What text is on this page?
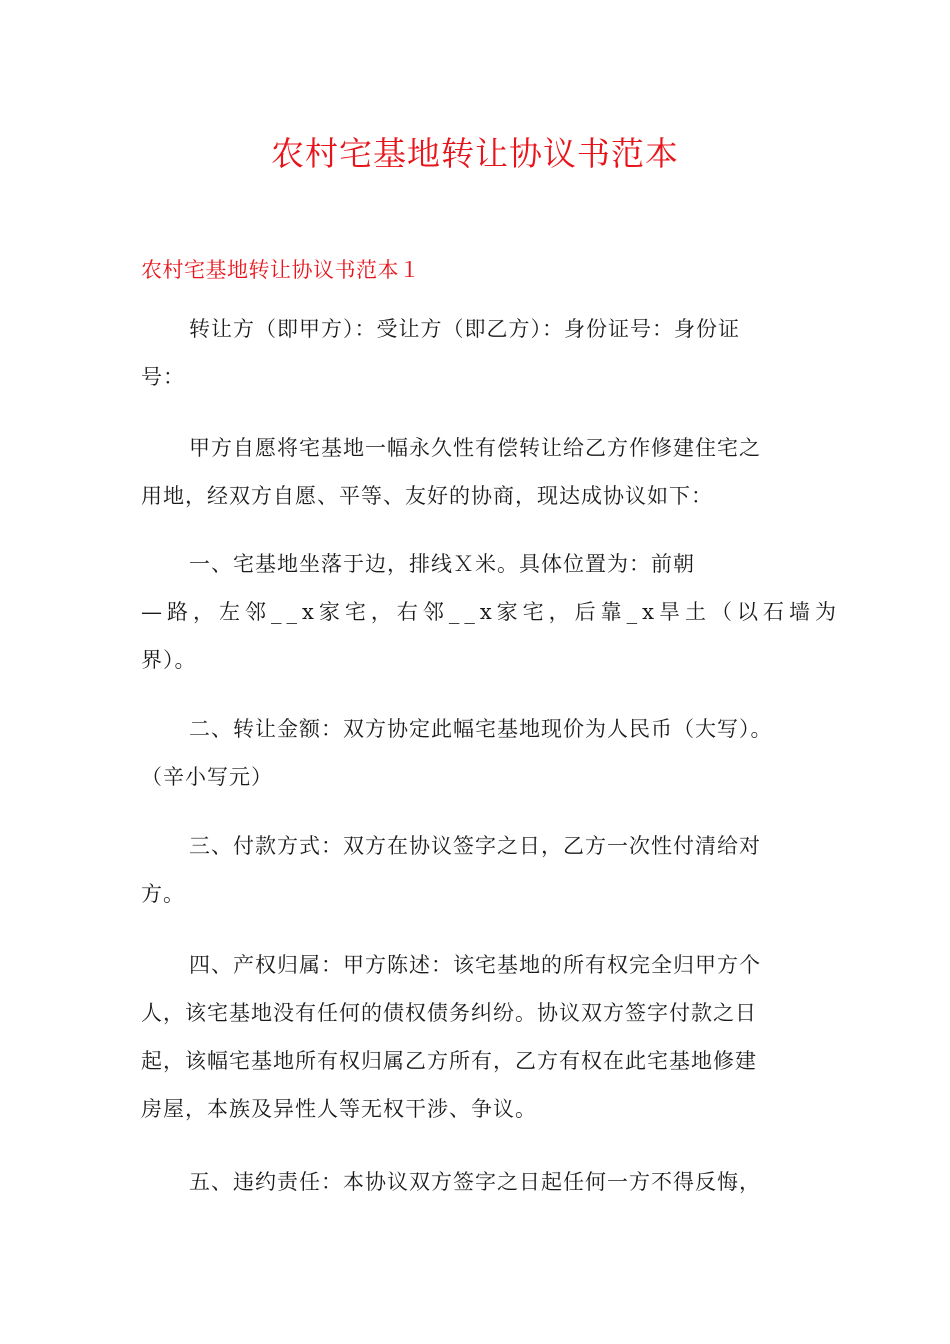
农村宅基地转让协议书范本
农村宅基地转让协议书范本１

转让方（即甲方）：受让方（即乙方）：身份证号：身份证
号：

甲方自愿将宅基地一幅永久性有偿转让给乙方作修建住宅之
用地，经双方自愿、平等、友好的协商，现达成协议如下：

一、宅基地坐落于边，排线Ｘ米。具体位置为：前朝
—路，左邻__x家宅，右邻__x家宅，后靠_x旱土（以石墙为
界）。

二、转让金额：双方协定此幅宅基地现价为人民币（大写）。
（辛小写元）

三、付款方式：双方在协议签字之日，乙方一次性付清给对
方。

四、产权归属：甲方陈述：该宅基地的所有权完全归甲方个
人，该宅基地没有任何的债权债务纠纷。协议双方签字付款之日
起，该幅宅基地所有权归属乙方所有，乙方有权在此宅基地修建
房屋，本族及异性人等无权干涉、争议。

五、违约责任：本协议双方签字之日起任何一方不得反悔，
